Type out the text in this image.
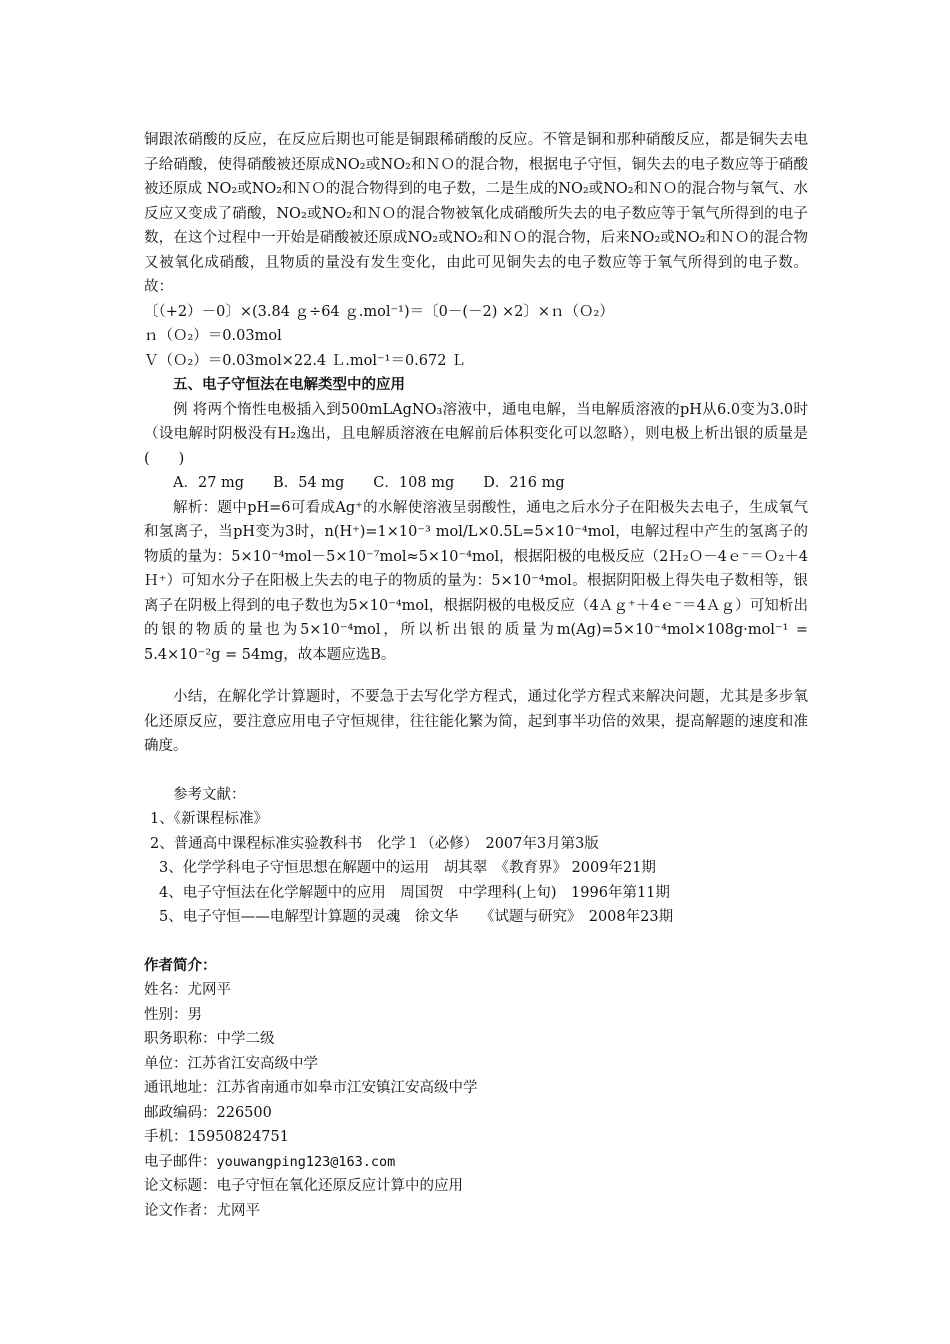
铜跟浓硝酸的反应，在反应后期也可能是铜跟稀硝酸的反应。不管是铜和那种硝酸反应，都是铜失去电子给硝酸，使得硝酸被还原成NO₂或NO₂和ＮＯ的混合物，根据电子守恒，铜失去的电子数应等于硝酸被还原成 NO₂或NO₂和ＮＯ的混合物得到的电子数，二是生成的NO₂或NO₂和ＮＯ的混合物与氧气、水反应又变成了硝酸，NO₂或NO₂和ＮＯ的混合物被氧化成硝酸所失去的电子数应等于氧气所得到的电子数，在这个过程中一开始是硝酸被还原成NO₂或NO₂和ＮＯ的混合物，后来NO₂或NO₂和ＮＯ的混合物又被氧化成硝酸，且物质的量没有发生变化，由此可见铜失去的电子数应等于氧气所得到的电子数。故：

〔（+2）－0〕×(3.84 ｇ÷64 ｇ.mol⁻¹)＝〔0－(－2) ×2〕×ｎ（Ｏ₂）

ｎ（Ｏ₂）＝0.03mol

Ｖ（Ｏ₂）＝0.03mol×22.4 Ｌ.mol⁻¹＝0.672 Ｌ

五、电子守恒法在电解类型中的应用

例 将两个惰性电极插入到500mLAgNO₃溶液中，通电电解，当电解质溶液的pH从6.0变为3.0时（设电解时阴极没有H₂逸出，且电解质溶液在电解前后体积变化可以忽略），则电极上析出银的质量是(　　)

A．27 mg　　B．54 mg　　C．108 mg　　D．216 mg

解析：题中pH=6可看成Ag⁺的水解使溶液呈弱酸性，通电之后水分子在阳极失去电子，生成氧气和氢离子，当pH变为3时，n(H⁺)=1×10⁻³ mol/L×0.5L=5×10⁻⁴mol，电解过程中产生的氢离子的物质的量为：5×10⁻⁴mol－5×10⁻⁷mol≈5×10⁻⁴mol，根据阳极的电极反应（2Ｈ₂Ｏ－4ｅ⁻＝Ｏ₂＋4Ｈ⁺）可知水分子在阳极上失去的电子的物质的量为：5×10⁻⁴mol。根据阴阳极上得失电子数相等，银离子在阴极上得到的电子数也为5×10⁻⁴mol，根据阴极的电极反应（4Ａｇ⁺＋4ｅ⁻＝4Ａｇ）可知析出的银的物质的量也为5×10⁻⁴mol，所以析出银的质量为m(Ag)=5×10⁻⁴mol×108g·mol⁻¹ = 5.4×10⁻²g = 54mg，故本题应选B。

小结，在解化学计算题时，不要急于去写化学方程式，通过化学方程式来解决问题，尤其是多步氧化还原反应，要注意应用电子守恒规律，往往能化繁为简，起到事半功倍的效果，提高解题的速度和准确度。

参考文献：

1、《新课程标准》

2、普通高中课程标准实验教科书　化学１（必修）　2007年3月第3版

3、化学学科电子守恒思想在解题中的运用　胡其翠　《教育界》 2009年21期

4、电子守恒法在化学解题中的应用　周国贺　中学理科(上旬)　1996年第11期

5、电子守恒——电解型计算题的灵魂　徐文华　　《试题与研究》　2008年23期

作者简介：

姓名：尤网平

性别：男

职务职称：中学二级

单位：江苏省江安高级中学

通讯地址：江苏省南通市如皋市江安镇江安高级中学

邮政编码：226500

手机：15950824751

电子邮件：youwangping123@163.com

论文标题：电子守恒在氧化还原反应计算中的应用

论文作者：尤网平
